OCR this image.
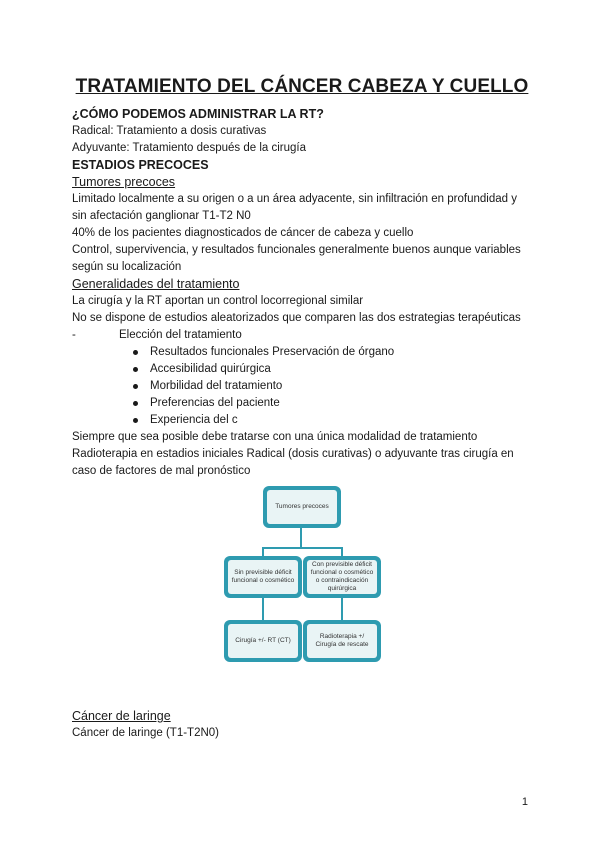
TRATAMIENTO DEL CÁNCER CABEZA Y CUELLO
¿CÓMO PODEMOS ADMINISTRAR LA RT?

Radical: Tratamiento a dosis curativas

Adyuvante: Tratamiento después de la cirugía

ESTADIOS PRECOCES
Tumores precoces

Limitado localmente a su origen o a un área adyacente, sin infiltración en profundidad y sin afectación ganglionar T1-T2 N0

40% de los pacientes diagnosticados de cáncer de cabeza y cuello

Control, supervivencia, y resultados funcionales generalmente buenos aunque variables según su localización

Generalidades del tratamiento

La cirugía y la RT aportan un control locorregional similar

No se dispone de estudios aleatorizados que comparen las dos estrategias terapéuticas

-	Elección del tratamiento
Resultados funcionales Preservación de órgano
Accesibilidad quirúrgica
Morbilidad del tratamiento
Preferencias del paciente
Experiencia del c

Siempre que sea posible debe tratarse con una única modalidad de tratamiento

Radioterapia en estadios iniciales Radical (dosis curativas) o adyuvante tras cirugía en caso de factores de mal pronóstico

Tumores precoces
Sin previsible déficit funcional o cosmético
Con previsible déficit funcional o cosmético o contraindicación quirúrgica
Cirugía +/- RT (CT)
Radioterapia +/ Cirugía de rescate
Cáncer de laringe

Cáncer de laringe (T1-T2N0)

1
